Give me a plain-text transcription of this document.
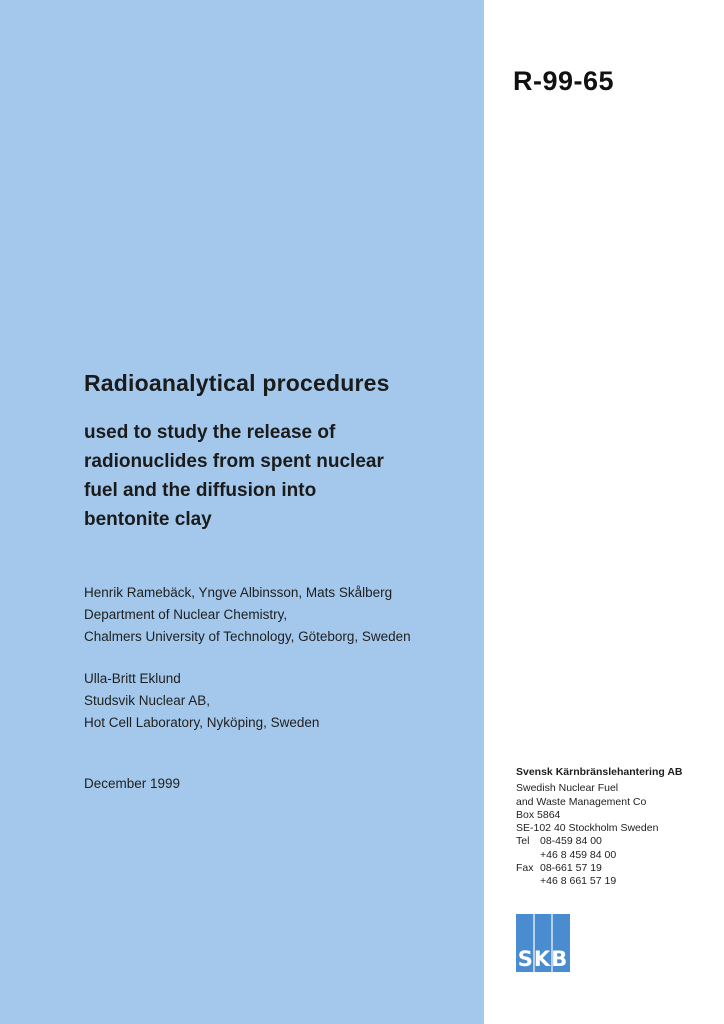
R-99-65
Radioanalytical procedures
used to study the release of
radionuclides from spent nuclear
fuel and the diffusion into
bentonite clay
Henrik Ramebäck, Yngve Albinsson, Mats Skålberg
Department of Nuclear Chemistry,
Chalmers University of Technology, Göteborg, Sweden
Ulla-Britt Eklund
Studsvik Nuclear AB,
Hot Cell Laboratory, Nyköping, Sweden
December 1999
Svensk Kärnbränslehantering AB
Swedish Nuclear Fuel
and Waste Management Co
Box 5864
SE-102 40 Stockholm Sweden
Tel 08-459 84 00
+46 8 459 84 00
Fax 08-661 57 19
+46 8 661 57 19
SKB
